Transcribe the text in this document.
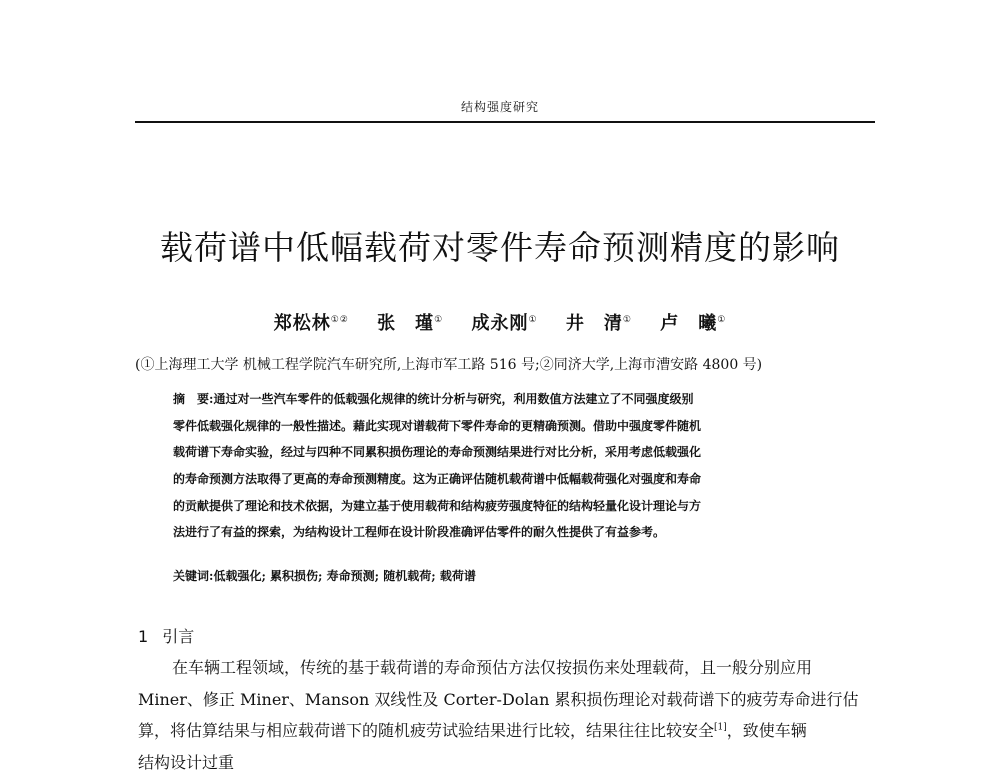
结构强度研究
载荷谱中低幅载荷对零件寿命预测精度的影响
郑松林①② 张　瑾① 成永刚① 井　清① 卢　曦①
(①上海理工大学 机械工程学院汽车研究所,上海市军工路 516 号;②同济大学,上海市漕安路 4800 号)
摘　要:通过对一些汽车零件的低载强化规律的统计分析与研究，利用数值方法建立了不同强度级别
零件低载强化规律的一般性描述。藉此实现对谱载荷下零件寿命的更精确预测。借助中强度零件随机
载荷谱下寿命实验，经过与四种不同累积损伤理论的寿命预测结果进行对比分析，采用考虑低载强化
的寿命预测方法取得了更高的寿命预测精度。这为正确评估随机载荷谱中低幅载荷强化对强度和寿命
的贡献提供了理论和技术依据，为建立基于使用载荷和结构疲劳强度特征的结构轻量化设计理论与方
法进行了有益的探索，为结构设计工程师在设计阶段准确评估零件的耐久性提供了有益参考。
关键词:低载强化; 累积损伤; 寿命预测; 随机载荷; 载荷谱
1 引言
在车辆工程领域，传统的基于载荷谱的寿命预估方法仅按损伤来处理载荷，且一般分别应用
Miner、修正 Miner、Manson 双线性及 Corter-Dolan 累积损伤理论对载荷谱下的疲劳寿命进行估
算，将估算结果与相应载荷谱下的随机疲劳试验结果进行比较，结果往往比较安全[1]，致使车辆
结构设计过重
